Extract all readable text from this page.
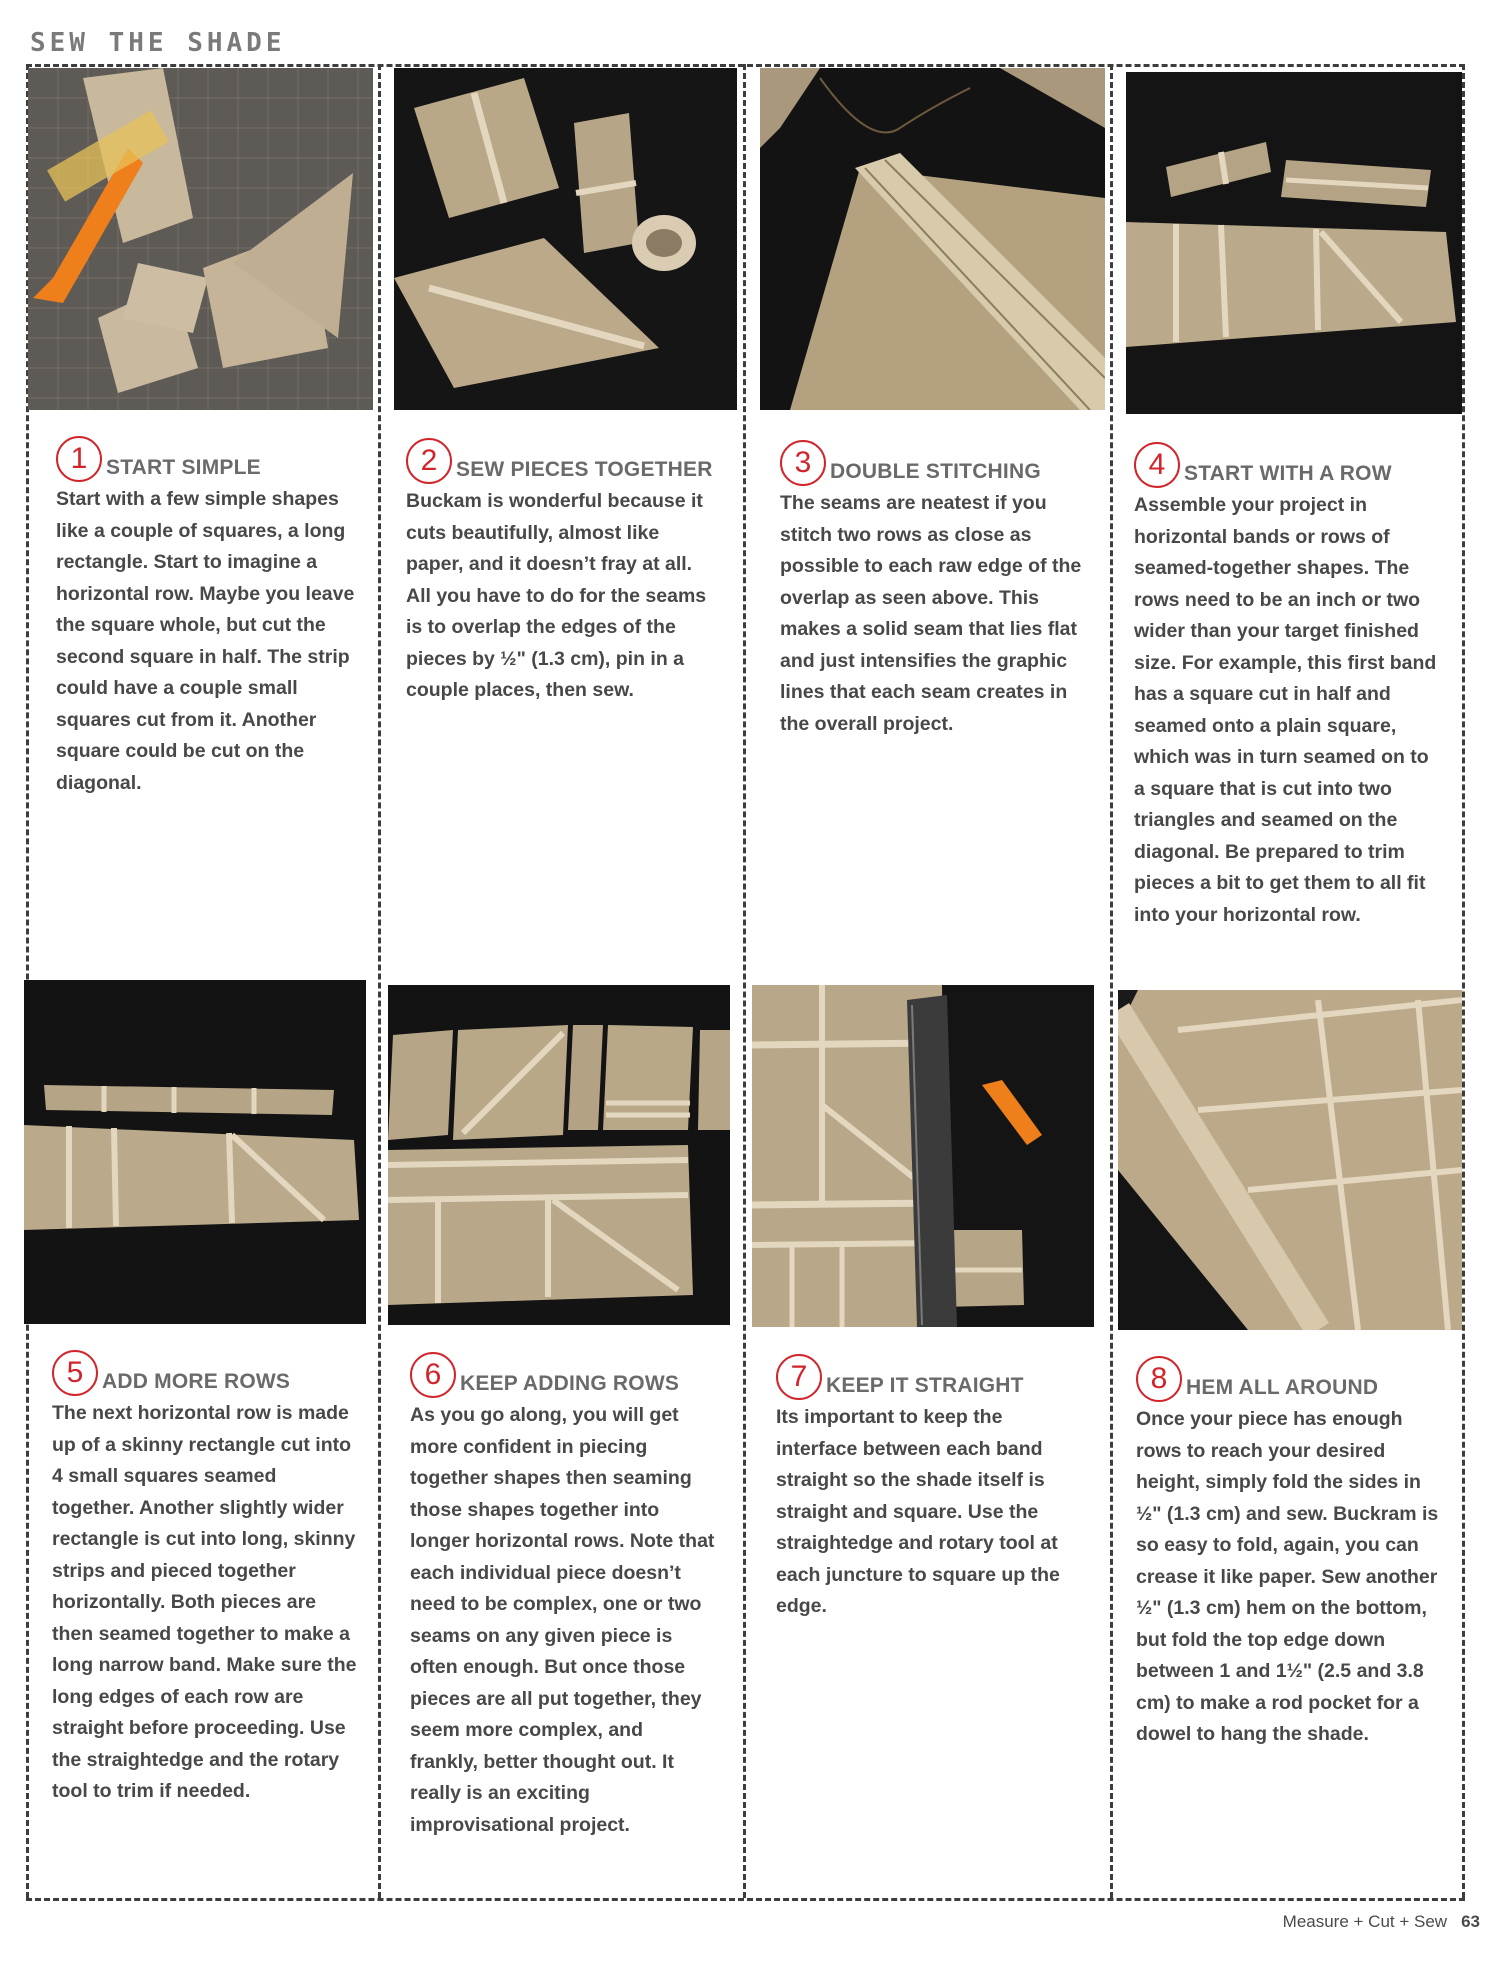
SEW THE SHADE
1 START SIMPLE
Start with a few simple shapes like a couple of squares, a long rectangle. Start to imagine a horizontal row. Maybe you leave the square whole, but cut the second square in half. The strip could have a couple small squares cut from it. Another square could be cut on the diagonal.
2 SEW PIECES TOGETHER
Buckam is wonderful because it cuts beautifully, almost like paper, and it doesn’t fray at all. All you have to do for the seams is to overlap the edges of the pieces by ½" (1.3 cm), pin in a couple places, then sew.
3 DOUBLE STITCHING
The seams are neatest if you stitch two rows as close as possible to each raw edge of the overlap as seen above. This makes a solid seam that lies flat and just intensifies the graphic lines that each seam creates in the overall project.
4 START WITH A ROW
Assemble your project in horizontal bands or rows of seamed-together shapes. The rows need to be an inch or two wider than your target finished size. For example, this first band has a square cut in half and seamed onto a plain square, which was in turn seamed on to a square that is cut into two triangles and seamed on the diagonal. Be prepared to trim pieces a bit to get them to all fit into your horizontal row.
5 ADD MORE ROWS
The next horizontal row is made up of a skinny rectangle cut into 4 small squares seamed together. Another slightly wider rectangle is cut into long, skinny strips and pieced together horizontally. Both pieces are then seamed together to make a long narrow band. Make sure the long edges of each row are straight before proceeding. Use the straightedge and the rotary tool to trim if needed.
6 KEEP ADDING ROWS
As you go along, you will get more confident in piecing together shapes then seaming those shapes together into longer horizontal rows. Note that each individual piece doesn’t need to be complex, one or two seams on any given piece is often enough. But once those pieces are all put together, they seem more complex, and frankly, better thought out. It really is an exciting improvisational project.
7 KEEP IT STRAIGHT
Its important to keep the interface between each band straight so the shade itself is straight and square. Use the straightedge and rotary tool at each juncture to square up the edge.
8 HEM ALL AROUND
Once your piece has enough rows to reach your desired height, simply fold the sides in ½" (1.3 cm) and sew. Buckram is so easy to fold, again, you can crease it like paper. Sew another ½" (1.3 cm) hem on the bottom, but fold the top edge down between 1 and 1½" (2.5 and 3.8 cm) to make a rod pocket for a dowel to hang the shade.
Measure + Cut + Sew 63
